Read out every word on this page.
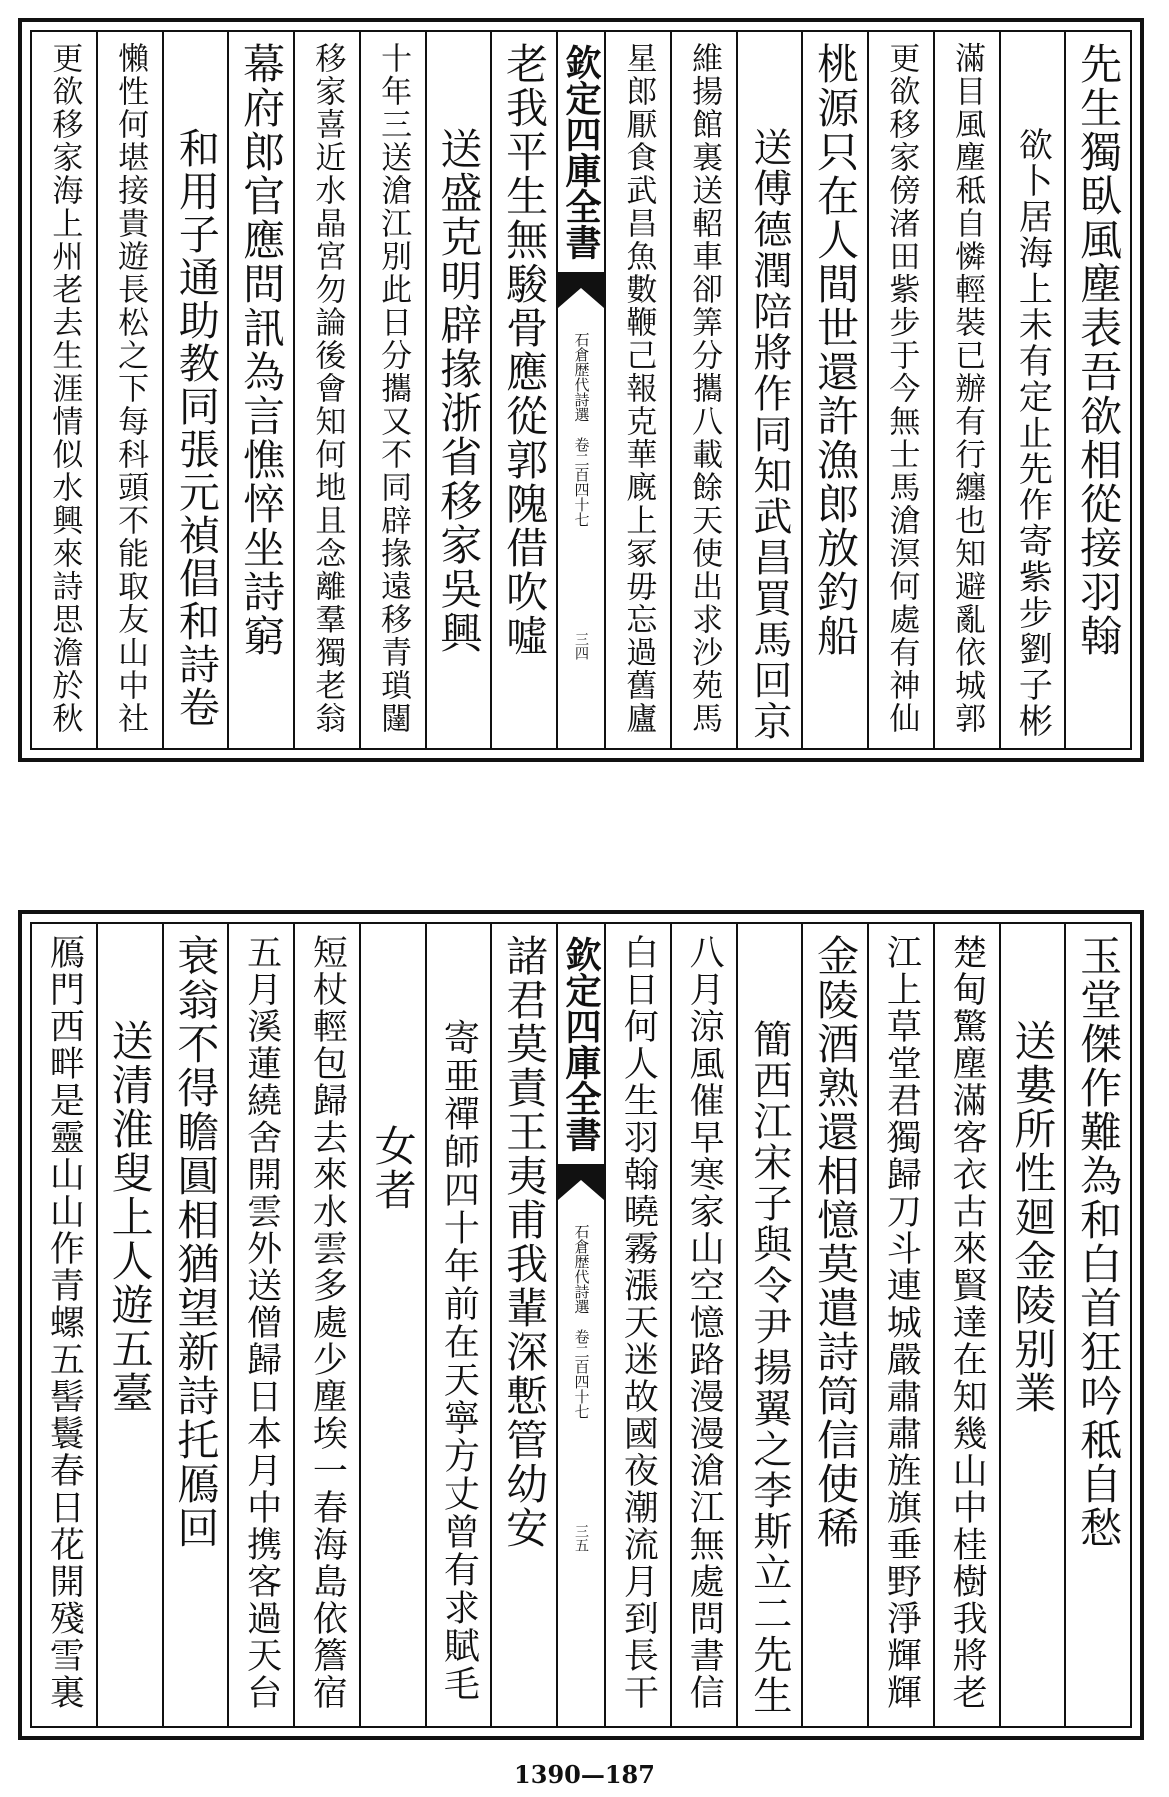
先生獨臥風塵表吾欲相從接羽翰
欲卜居海上未有定止先作寄紫步劉子彬
滿目風塵秪自憐輕裝已辦有行纏也知避亂依城郭
更欲移家傍渚田紫步于今無士馬滄溟何處有神仙
桃源只在人間世還許漁郎放釣船
送傅德潤陪將作同知武昌買馬回京
維揚館裏送軺車卻筭分攜八載餘天使出求沙苑馬
星郎厭食武昌魚數鞭己報克華廐上冢毋忘過舊廬
欽定四庫全書
石倉歴代詩選　卷二百四十七
三四
老我平生無駿骨應從郭隗借吹噓
送盛克明辟掾浙省移家吳興
十年三送滄江別此日分攜又不同辟掾遠移青瑣闥
移家喜近水晶宮勿論後會知何地且念離羣獨老翁
幕府郎官應問訊為言憔悴坐詩窮
和用子通助教同張元禎倡和詩卷
懶性何堪接貴遊長松之下每科頭不能取友山中社
更欲移家海上州老去生涯情似水興來詩思澹於秋
玉堂傑作難為和白首狂吟秪自愁
送婁所性廻金陵别業
楚甸驚塵滿客衣古來賢達在知幾山中桂樹我將老
江上草堂君獨歸刀斗連城嚴肅肅旌旗垂野淨輝輝
金陵酒熟還相憶莫遣詩筒信使稀
簡西江宋子與令尹揚翼之李斯立二先生
八月涼風催早寒家山空憶路漫漫滄江無處問書信
白日何人生羽翰曉霧漲天迷故國夜潮流月到長干
欽定四庫全書
石倉歴代詩選　卷二百四十七
三五
諸君莫責王夷甫我輩深慙管幼安
寄亜禪師四十年前在天寧方丈曾有求賦毛
女者
短杖輕包歸去來水雲多處少塵埃一春海島依簷宿
五月溪蓮繞舍開雲外送僧歸日本月中携客過天台
衰翁不得瞻圓相猶望新詩托鴈回
送清淮叟上人遊五臺
鴈門西畔是靈山山作青螺五髻鬟春日花開殘雪裏
1390—187
